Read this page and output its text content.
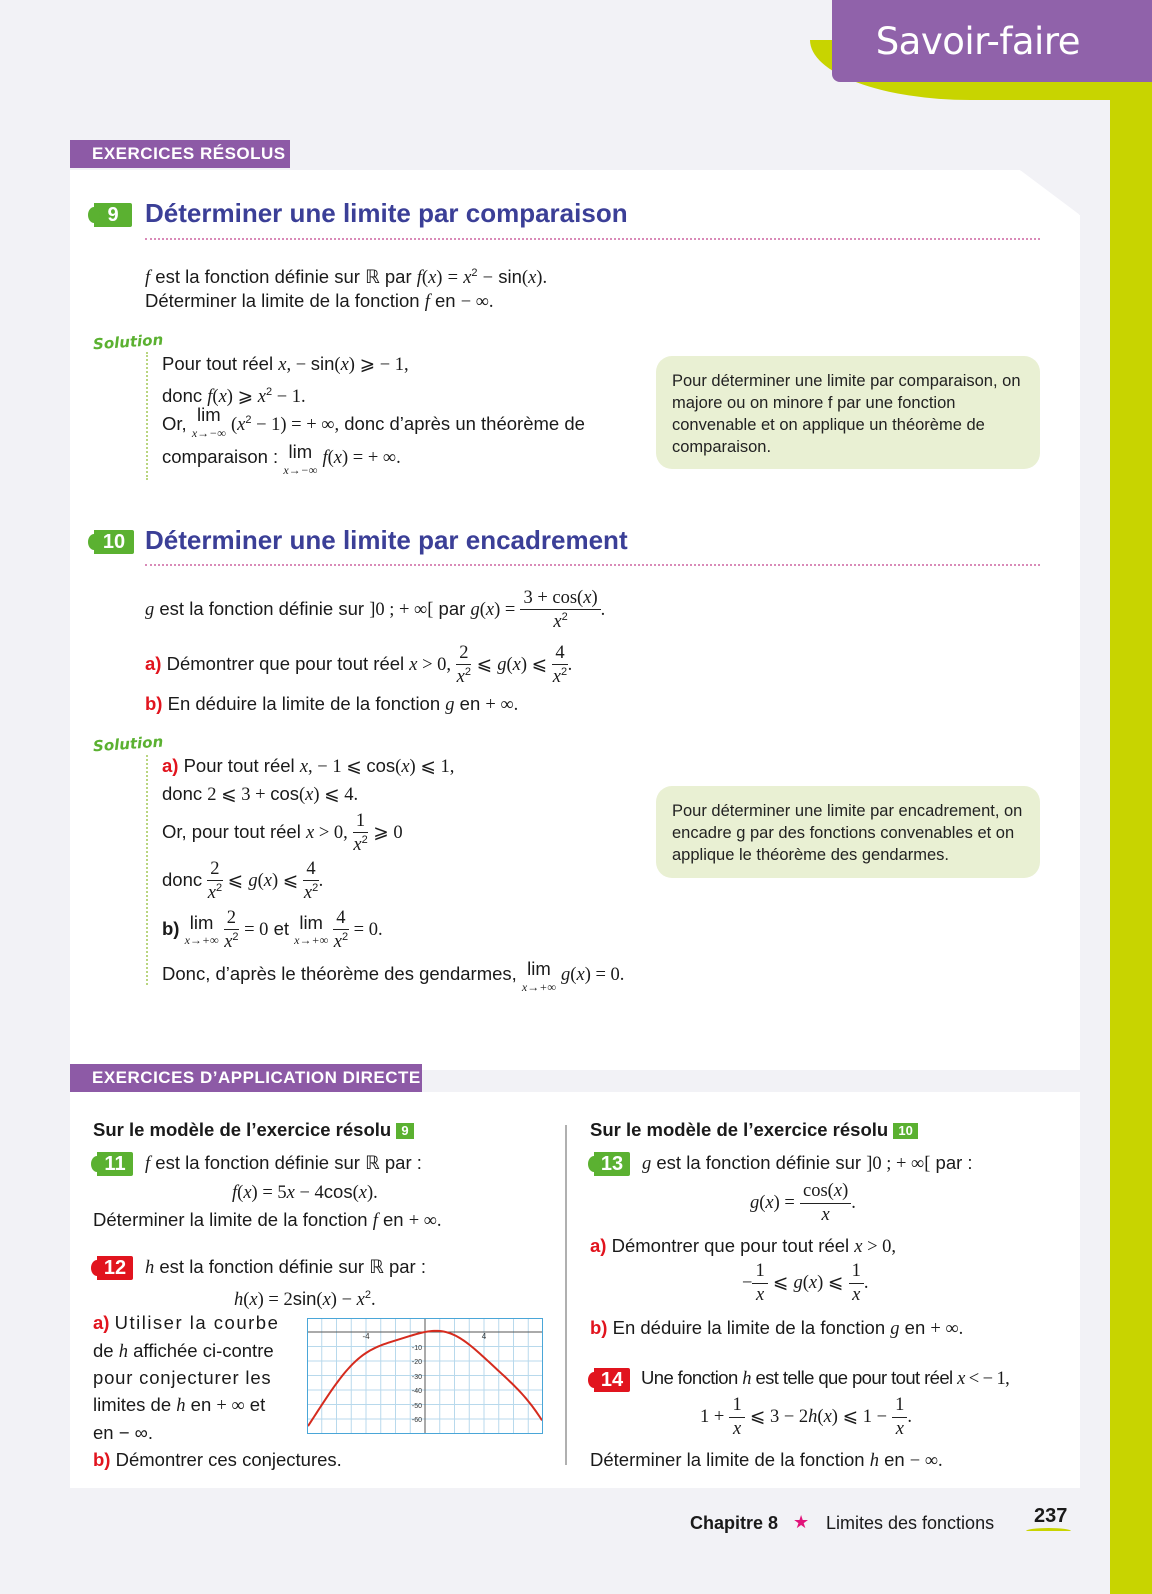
Savoir-faire
EXERCICES RÉSOLUS
9	Déterminer une limite par comparaison
f est la fonction définie sur ℝ par $f(x) = x^2 - \sin(x)$.
Déterminer la limite de la fonction f en − ∞.
Solution
Pour tout réel x, − sin(x) ⩾ − 1,
donc f(x) ⩾ $x^2 - 1$.
Or, lim
x→−∞ $(x^2 - 1)$ = + ∞, donc d’après un théorème de
comparaison : lim
x→−∞
f(x) = + ∞.
Pour déterminer une limite par comparaison, on majore ou on minore f par une fonction convenable et on applique un théorème de comparaison.
10 Déterminer une limite par encadrement
g est la fonction définie sur ]0 ; + ∞[ par $g(x) = \frac{3 + \cos(x)}{x^2}$ .
a) Démontrer que pour tout réel x > 0, $\frac{2}{x^2}$ ⩽ g(x) ⩽ $\frac{4}{x^2}$ .
b) En déduire la limite de la fonction g en + ∞.
Solution
a) Pour tout réel x, − 1 ⩽ cos(x) ⩽ 1,
donc 2 ⩽ 3 + cos(x) ⩽ 4.
Or, pour tout réel x > 0, $\frac{1}{x^2}$ ⩾ 0
donc $\frac{2}{x^2}$ ⩽ g(x) ⩽ $\frac{4}{x^2}$ .
b) lim
x→+∞
$\frac{2}{x^2} = 0$ et lim
x→+∞
$\frac{4}{x^2} = 0$.
Donc, d’après le théorème des gendarmes, lim
x→+∞
g(x) = 0.
Pour déterminer une limite par encadrement, on encadre g par des fonctions convenables et on applique le théorème des gendarmes.
EXERCICES D’APPLICATION DIRECTE
Sur le modèle de l’exercice résolu 9
11	f est la fonction définie sur ℝ par :
f(x) = 5x − 4cos(x).
Déterminer la limite de la fonction f en + ∞.
12	h est la fonction définie sur ℝ par :
$h(x) = 2\sin(x) - x^2$.
a) Utiliser la courbe
de h affichée ci-contre
pour conjecturer les
limites de h en + ∞ et
en − ∞.
b) Démontrer ces conjectures.
-4	4
-10
-20
-30
-40
-50
-60
Sur le modèle de l’exercice résolu 10
13	g est la fonction définie sur ]0 ; + ∞[ par :
$g(x) = \frac{\cos(x)}{x}$ .
a) Démontrer que pour tout réel x > 0,
− $\frac{1}{x}$ ⩽ g(x) ⩽ $\frac{1}{x}$ .
b) En déduire la limite de la fonction g en + ∞.
14 Une fonction h est telle que pour tout réel x < − 1,
$1 + \frac{1}{x}$ ⩽ 3 − 2h(x) ⩽ $1 - \frac{1}{x}$ .
Déterminer la limite de la fonction h en − ∞.
Chapitre 8 ★ Limites des fonctions 237
